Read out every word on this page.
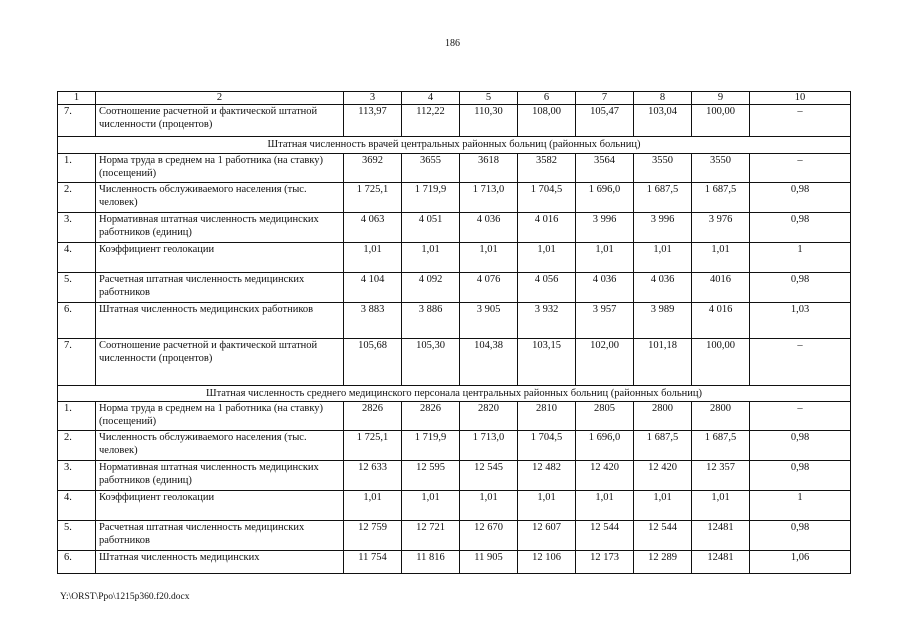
186
1	2	3	4	5	6	7	8	9	10
7.	Соотношение расчетной и фактической штатной численности (процентов)	113,97	112,22	110,30	108,00	105,47	103,04	100,00	–
Штатная численность врачей центральных районных больниц (районных больниц)									
1.	Норма труда в среднем на 1 работника (на ставку) (посещений)	3692	3655	3618	3582	3564	3550	3550	–
2.	Численность обслуживаемого населения (тыс. человек)	1 725,1	1 719,9	1 713,0	1 704,5	1 696,0	1 687,5	1 687,5	0,98
3.	Нормативная штатная численность медицинских работников (единиц)	4 063	4 051	4 036	4 016	3 996	3 996	3 976	0,98
4.	Коэффициент геолокации	1,01	1,01	1,01	1,01	1,01	1,01	1,01	1
5.	Расчетная штатная численность медицинских работников	4 104	4 092	4 076	4 056	4 036	4 036	4016	0,98
6.	Штатная численность медицинских работников	3 883	3 886	3 905	3 932	3 957	3 989	4 016	1,03
7.	Соотношение расчетной и фактической штатной численности (процентов)	105,68	105,30	104,38	103,15	102,00	101,18	100,00	–
Штатная численность среднего медицинского персонала центральных районных больниц (районных больниц)									
1.	Норма труда в среднем на 1 работника (на ставку) (посещений)	2826	2826	2820	2810	2805	2800	2800	–
2.	Численность обслуживаемого населения (тыс. человек)	1 725,1	1 719,9	1 713,0	1 704,5	1 696,0	1 687,5	1 687,5	0,98
3.	Нормативная штатная численность медицинских работников (единиц)	12 633	12 595	12 545	12 482	12 420	12 420	12 357	0,98
4.	Коэффициент геолокации	1,01	1,01	1,01	1,01	1,01	1,01	1,01	1
5.	Расчетная штатная численность медицинских работников	12 759	12 721	12 670	12 607	12 544	12 544	12481	0,98
6.	Штатная численность медицинских	11 754	11 816	11 905	12 106	12 173	12 289	12481	1,06
Y:\ORST\Ppo\1215p360.f20.docx
